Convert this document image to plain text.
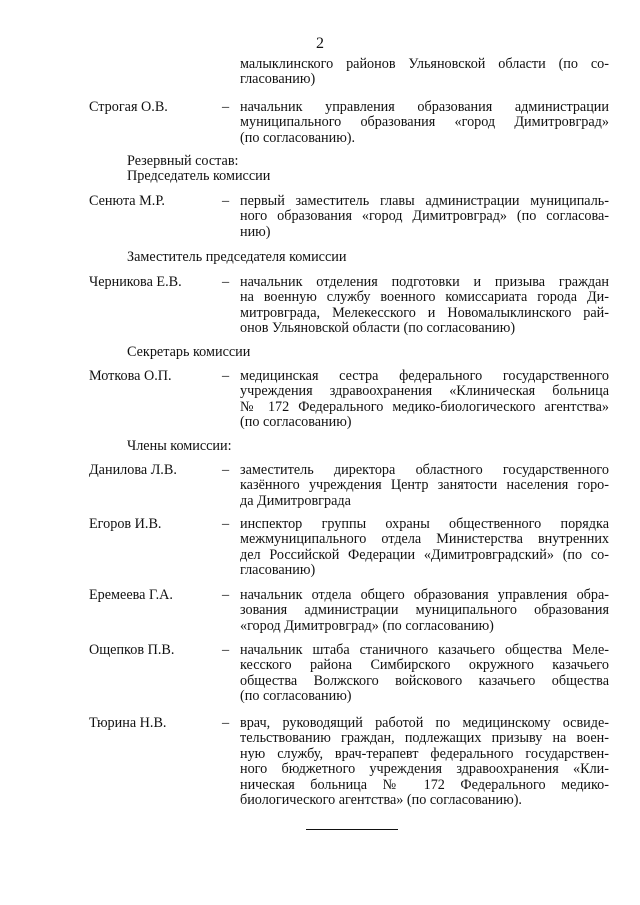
2
малыклинского районов Ульяновской области (по со-
гласованию)
Строгая О.В.	– начальник управления образования администрации
муниципального образования «город Димитровград»
(по согласованию).
Резервный состав:
Председатель комиссии
Сенюта М.Р.	– первый заместитель главы администрации муниципаль-
ного образования «город Димитровград» (по согласова-
нию)
Заместитель председателя комиссии
Черникова Е.В.	– начальник отделения подготовки и призыва граждан
на военную службу военного комиссариата города Ди-
митровграда, Мелекесского и Новомалыклинского рай-
онов Ульяновской области (по согласованию)
Секретарь комиссии
Моткова О.П.	– медицинская сестра федерального государственного
учреждения здравоохранения «Клиническая больница
№ 172 Федерального медико-биологического агентства»
(по согласованию)
Члены комиссии:
Данилова Л.В.	– заместитель директора областного государственного
казённого учреждения Центр занятости населения горо-
да Димитровграда
Егоров И.В.	– инспектор группы охраны общественного порядка
межмуниципального отдела Министерства внутренних
дел Российской Федерации «Димитровградский» (по со-
гласованию)
Еремеева Г.А.	– начальник отдела общего образования управления обра-
зования администрации муниципального образования
«город Димитровград» (по согласованию)
Ощепков П.В.	– начальник штаба станичного казачьего общества Меле-
кесского района Симбирского окружного казачьего
общества Волжского войскового казачьего общества
(по согласованию)
Тюрина Н.В.	– врач, руководящий работой по медицинскому освиде-
тельствованию граждан, подлежащих призыву на воен-
ную службу, врач-терапевт федерального государствен-
ного бюджетного учреждения здравоохранения «Кли-
ническая больница № 172 Федерального медико-
биологического агентства» (по согласованию).
